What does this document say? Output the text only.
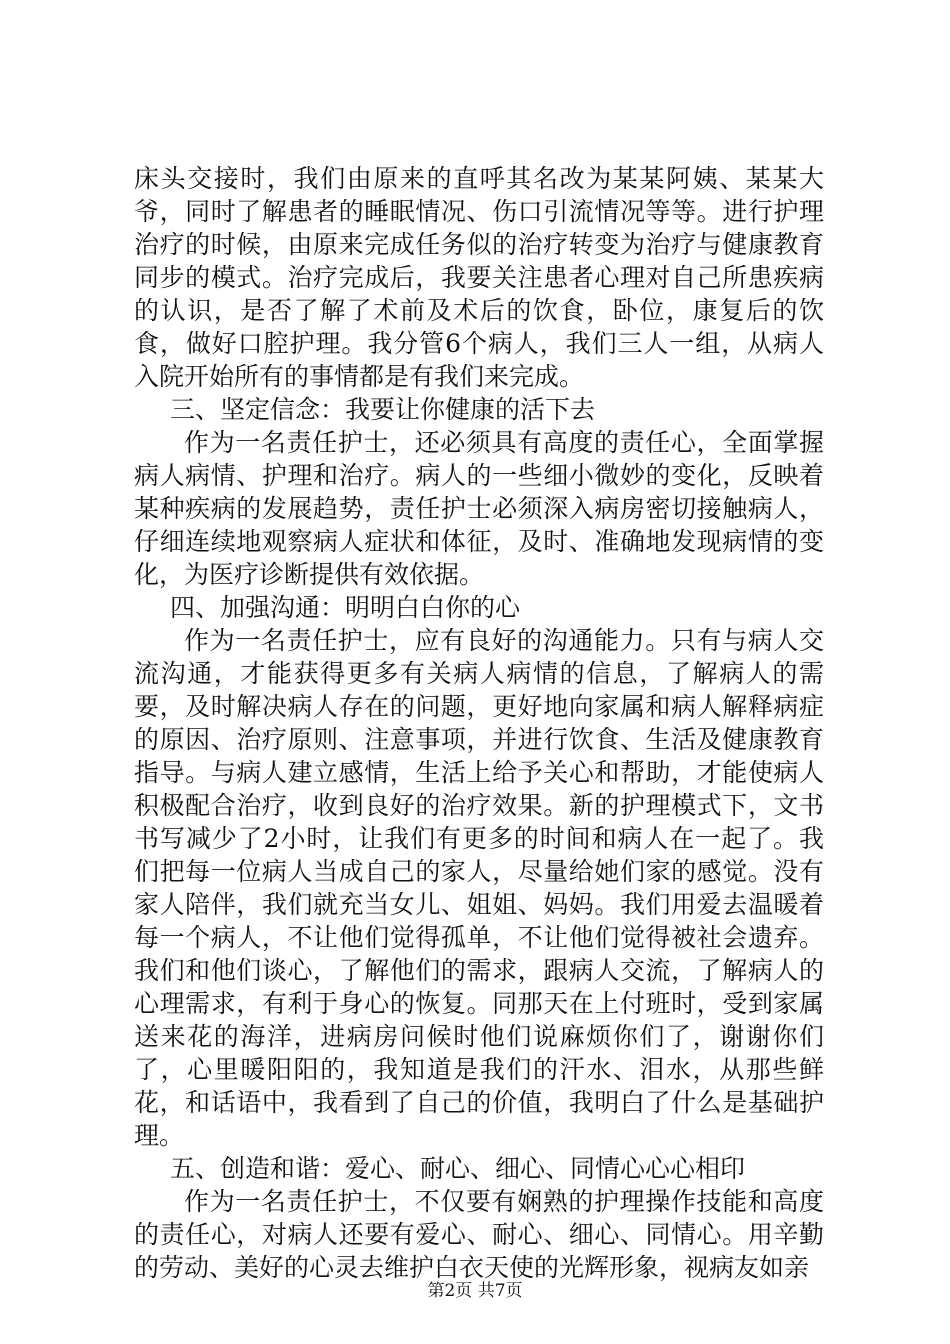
床头交接时，我们由原来的直呼其名改为某某阿姨、某某大爷，同时了解患者的睡眠情况、伤口引流情况等等。进行护理治疗的时候，由原来完成任务似的治疗转变为治疗与健康教育同步的模式。治疗完成后，我要关注患者心理对自己所患疾病的认识，是否了解了术前及术后的饮食，卧位，康复后的饮食，做好口腔护理。我分管6个病人，我们三人一组，从病人入院开始所有的事情都是有我们来完成。

三、坚定信念：我要让你健康的活下去

作为一名责任护士，还必须具有高度的责任心，全面掌握病人病情、护理和治疗。病人的一些细小微妙的变化，反映着某种疾病的发展趋势，责任护士必须深入病房密切接触病人，仔细连续地观察病人症状和体征，及时、准确地发现病情的变化，为医疗诊断提供有效依据。

四、加强沟通：明明白白你的心

作为一名责任护士，应有良好的沟通能力。只有与病人交流沟通，才能获得更多有关病人病情的信息，了解病人的需要，及时解决病人存在的问题，更好地向家属和病人解释病症的原因、治疗原则、注意事项，并进行饮食、生活及健康教育指导。与病人建立感情，生活上给予关心和帮助，才能使病人积极配合治疗，收到良好的治疗效果。新的护理模式下，文书书写减少了2小时，让我们有更多的时间和病人在一起了。我们把每一位病人当成自己的家人，尽量给她们家的感觉。没有家人陪伴，我们就充当女儿、姐姐、妈妈。我们用爱去温暖着每一个病人，不让他们觉得孤单，不让他们觉得被社会遗弃。我们和他们谈心，了解他们的需求，跟病人交流，了解病人的心理需求，有利于身心的恢复。同那天在上付班时，受到家属送来花的海洋，进病房问候时他们说麻烦你们了，谢谢你们了，心里暖阳阳的，我知道是我们的汗水、泪水，从那些鲜花，和话语中，我看到了自己的价值，我明白了什么是基础护理。

五、创造和谐：爱心、耐心、细心、同情心心心相印

作为一名责任护士，不仅要有娴熟的护理操作技能和高度的责任心，对病人还要有爱心、耐心、细心、同情心。用辛勤的劳动、美好的心灵去维护白衣天使的光辉形象，视病友如亲

第2页 共7页
